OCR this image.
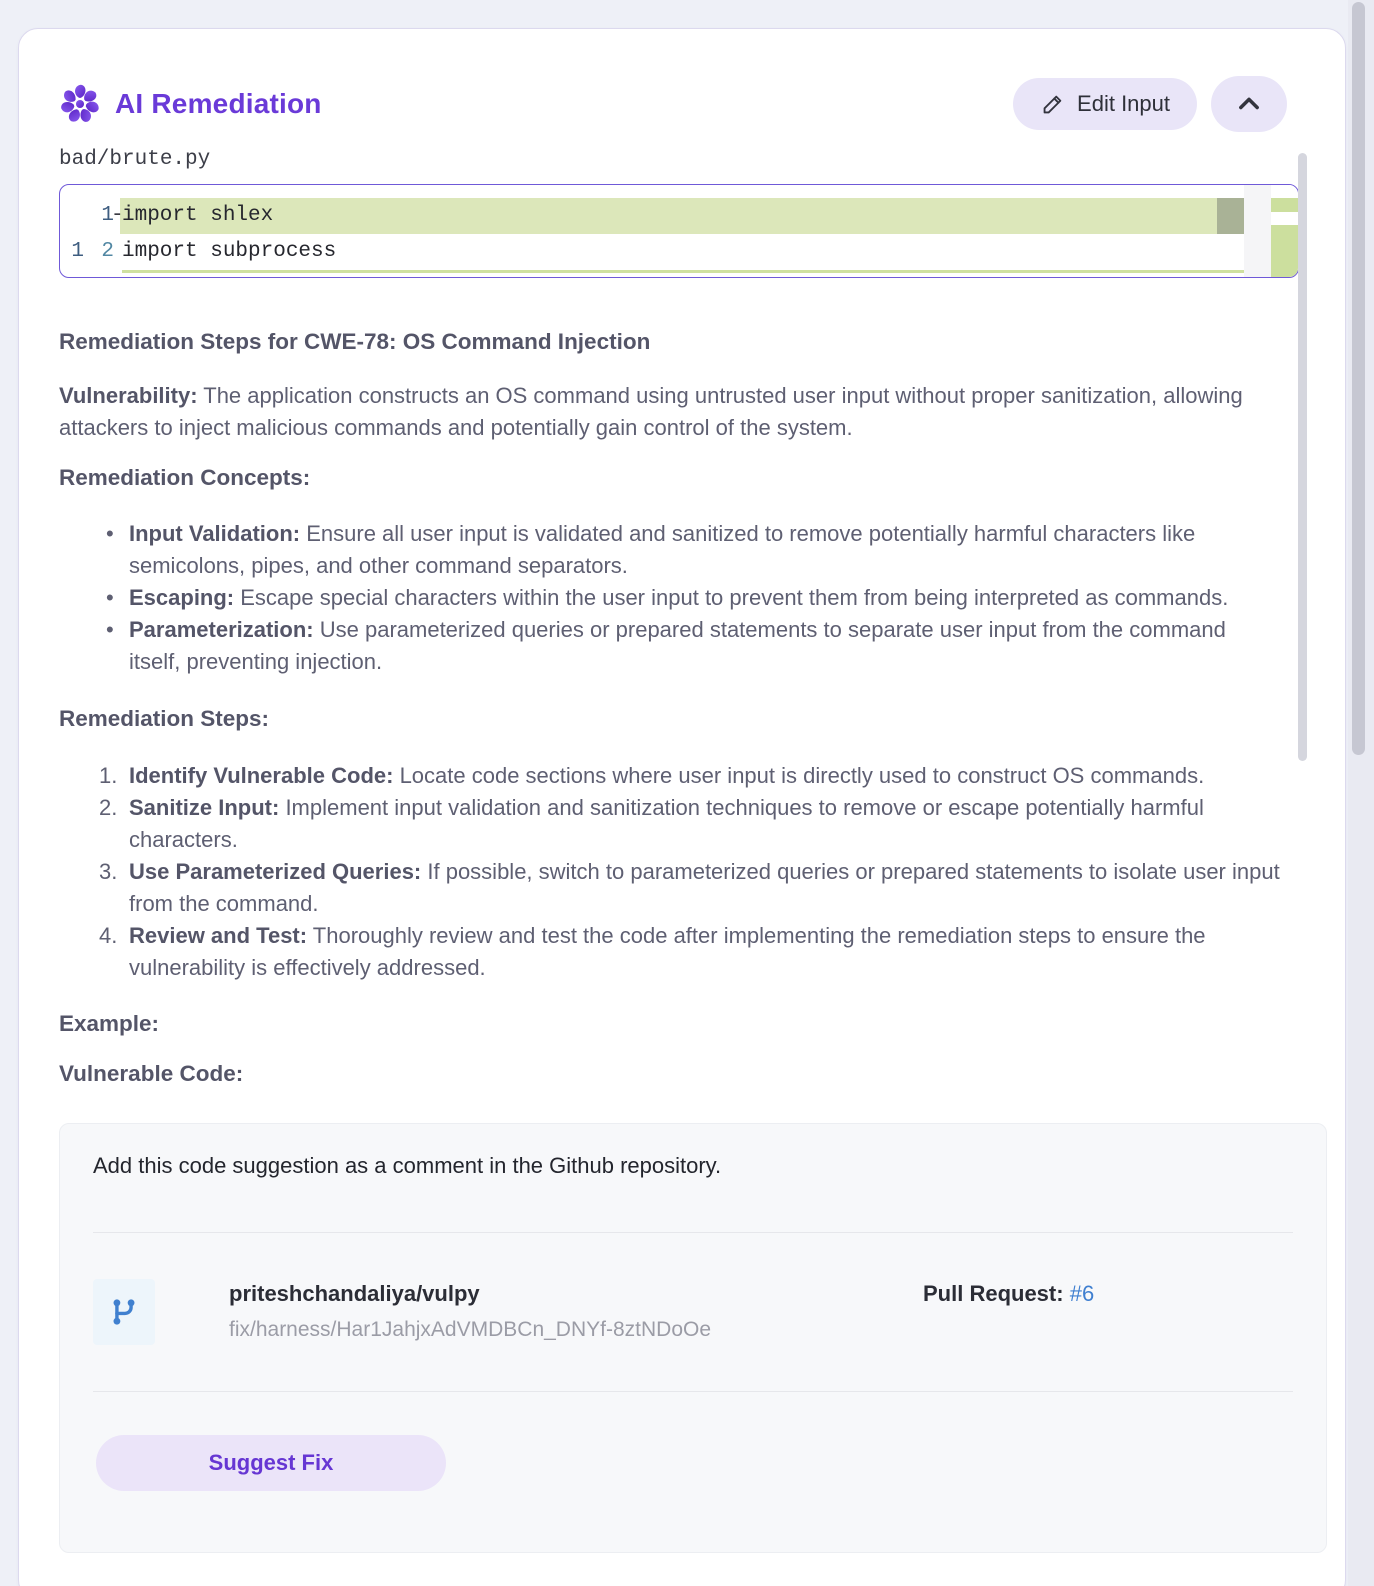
AI Remediation	Edit Input
bad/brute.py
1
-
import shlex
1 2 import subprocess
Remediation Steps for CWE-78: OS Command Injection
Vulnerability: The application constructs an OS command using untrusted user input without proper sanitization, allowing attackers to inject malicious commands and potentially gain control of the system.
Remediation Concepts:
• Input Validation: Ensure all user input is validated and sanitized to remove potentially harmful characters like semicolons, pipes, and other command separators.
• Escaping: Escape special characters within the user input to prevent them from being interpreted as commands.
• Parameterization: Use parameterized queries or prepared statements to separate user input from the command itself, preventing injection.
Remediation Steps:
Identify Vulnerable Code: Locate code sections where user input is directly used to construct OS commands.
Sanitize Input: Implement input validation and sanitization techniques to remove or escape potentially harmful characters.
Use Parameterized Queries: If possible, switch to parameterized queries or prepared statements to isolate user input from the command.
Review and Test: Thoroughly review and test the code after implementing the remediation steps to ensure the vulnerability is effectively addressed.
Example:
Vulnerable Code:
Add this code suggestion as a comment in the Github repository.
priteshchandaliya/vulpy
fix/harness/Har1JahjxAdVMDBCn_DNYf-8ztNDoOe
Pull Request: #6
Suggest Fix
